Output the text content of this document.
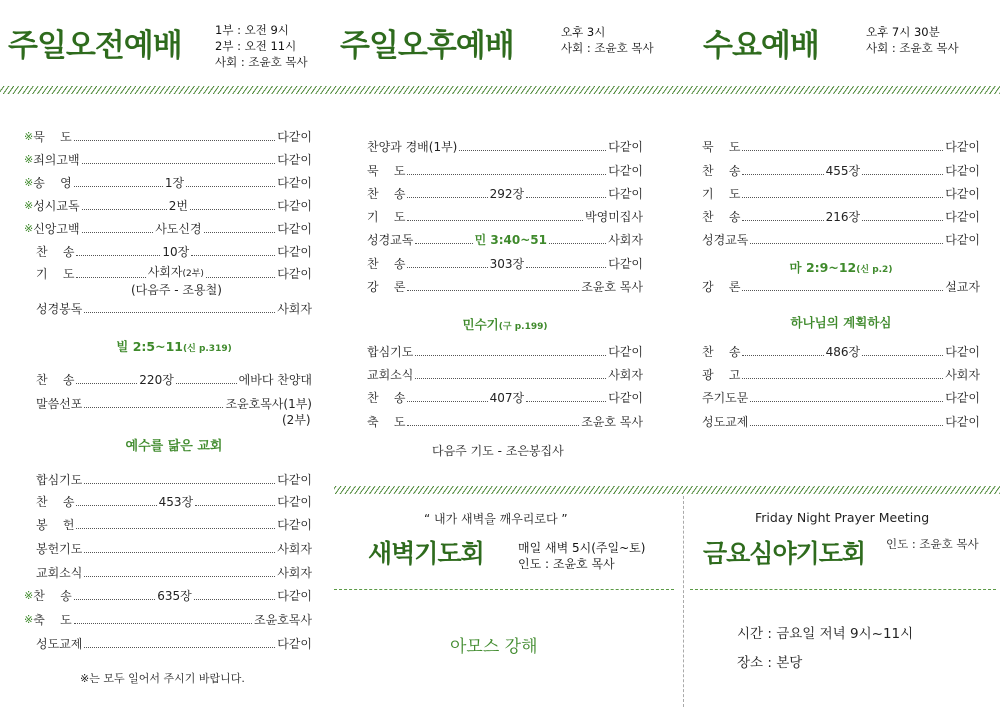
주일오전예배	1부 : 오전 9시
2부 : 오전 11시
사회 : 조윤호 목사 주일오후예배	오후 3시
사회 : 조윤호 목사 수요예배	오후 7시 30분
사회 : 조윤호 목사
※ 묵    도	다같이
※ 죄의고백	다같이
※ 송    영	1장	다같이
※ 성시교독	2번	다같이
※ 신앙고백	사도신경	다같이
찬    송	10장	다같이
기    도	사회자(2부)	다같이
(다음주 - 조용철)
성경봉독	사회자
빌 2:5~11(신 p.319)
찬    송	220장	에바다 찬양대
말씀선포	조윤호목사(1부)
(2부)
예수를 닮은 교회
합심기도	다같이
찬    송	453장	다같이
봉    헌	다같이
봉헌기도	사회자
교회소식	사회자
※ 찬    송	635장	다같이
※ 축    도	조윤호목사
성도교제	다같이
※는 모두 일어서 주시기 바랍니다.
찬양과 경배(1부)	다같이
묵    도	다같이
찬    송	292장	다같이
기    도	박영미집사
성경교독	민 3:40~51	사회자
찬    송	303장	다같이
강    론	조윤호 목사
민수기(구 p.199)
합심기도	다같이
교회소식	사회자
찬    송	407장	다같이
축    도	조윤호 목사
다음주 기도 - 조은봉집사
묵    도	다같이
찬    송	455장	다같이
기    도	다같이
찬    송	216장	다같이
성경교독	다같이
마 2:9~12(신 p.2)
강    론	설교자
하나님의 계획하심
찬    송	486장	다같이
광    고	사회자
주기도문	다같이
성도교제	다같이
“ 내가 새벽을 깨우리로다 ”
새벽기도회	매일 새벽 5시(주일~토)
인도 : 조윤호 목사
아모스 강해
Friday Night Prayer Meeting
금요심야기도회 인도 : 조윤호 목사
시간 : 금요일 저녁 9시~11시
장소 : 본당
